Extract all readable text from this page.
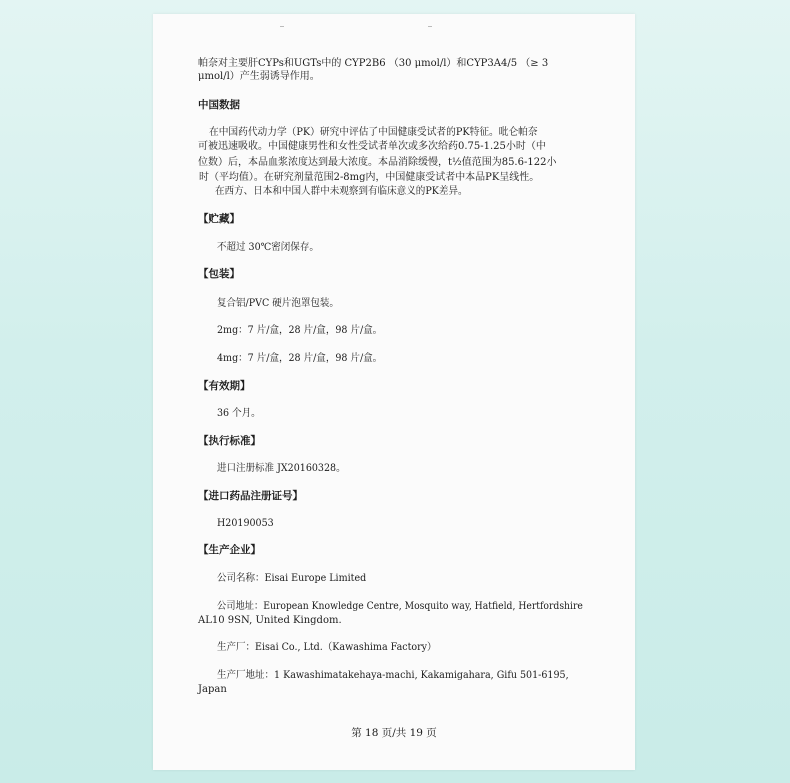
帕奈对主要肝CYPs和UGTs中的 CYP2B6 （30 μmol/l）和CYP3A4/5 （≥ 3
μmol/l）产生弱诱导作用。
中国数据
在中国药代动力学（PK）研究中评估了中国健康受试者的PK特征。吡仑帕奈
可被迅速吸收。中国健康男性和女性受试者单次或多次给药0.75-1.25小时（中
位数）后，本品血浆浓度达到最大浓度。本品消除缓慢，t½值范围为85.6-122小
时（平均值）。在研究剂量范围2-8mg内，中国健康受试者中本品PK呈线性。
在西方、日本和中国人群中未观察到有临床意义的PK差异。
【贮藏】
不超过 30℃密闭保存。
【包装】
复合铝/PVC 硬片泡罩包装。
2mg：7 片/盒，28 片/盒，98 片/盒。
4mg：7 片/盒，28 片/盒，98 片/盒。
【有效期】
36 个月。
【执行标准】
进口注册标准 JX20160328。
【进口药品注册证号】
H20190053
【生产企业】
公司名称：Eisai Europe Limited
公司地址：European Knowledge Centre, Mosquito way, Hatfield, Hertfordshire
AL10 9SN, United Kingdom.
生产厂：Eisai Co., Ltd.（Kawashima Factory）
生产厂地址：1 Kawashimatakehaya-machi, Kakamigahara, Gifu 501-6195,
Japan
第 18 页/共 19 页
